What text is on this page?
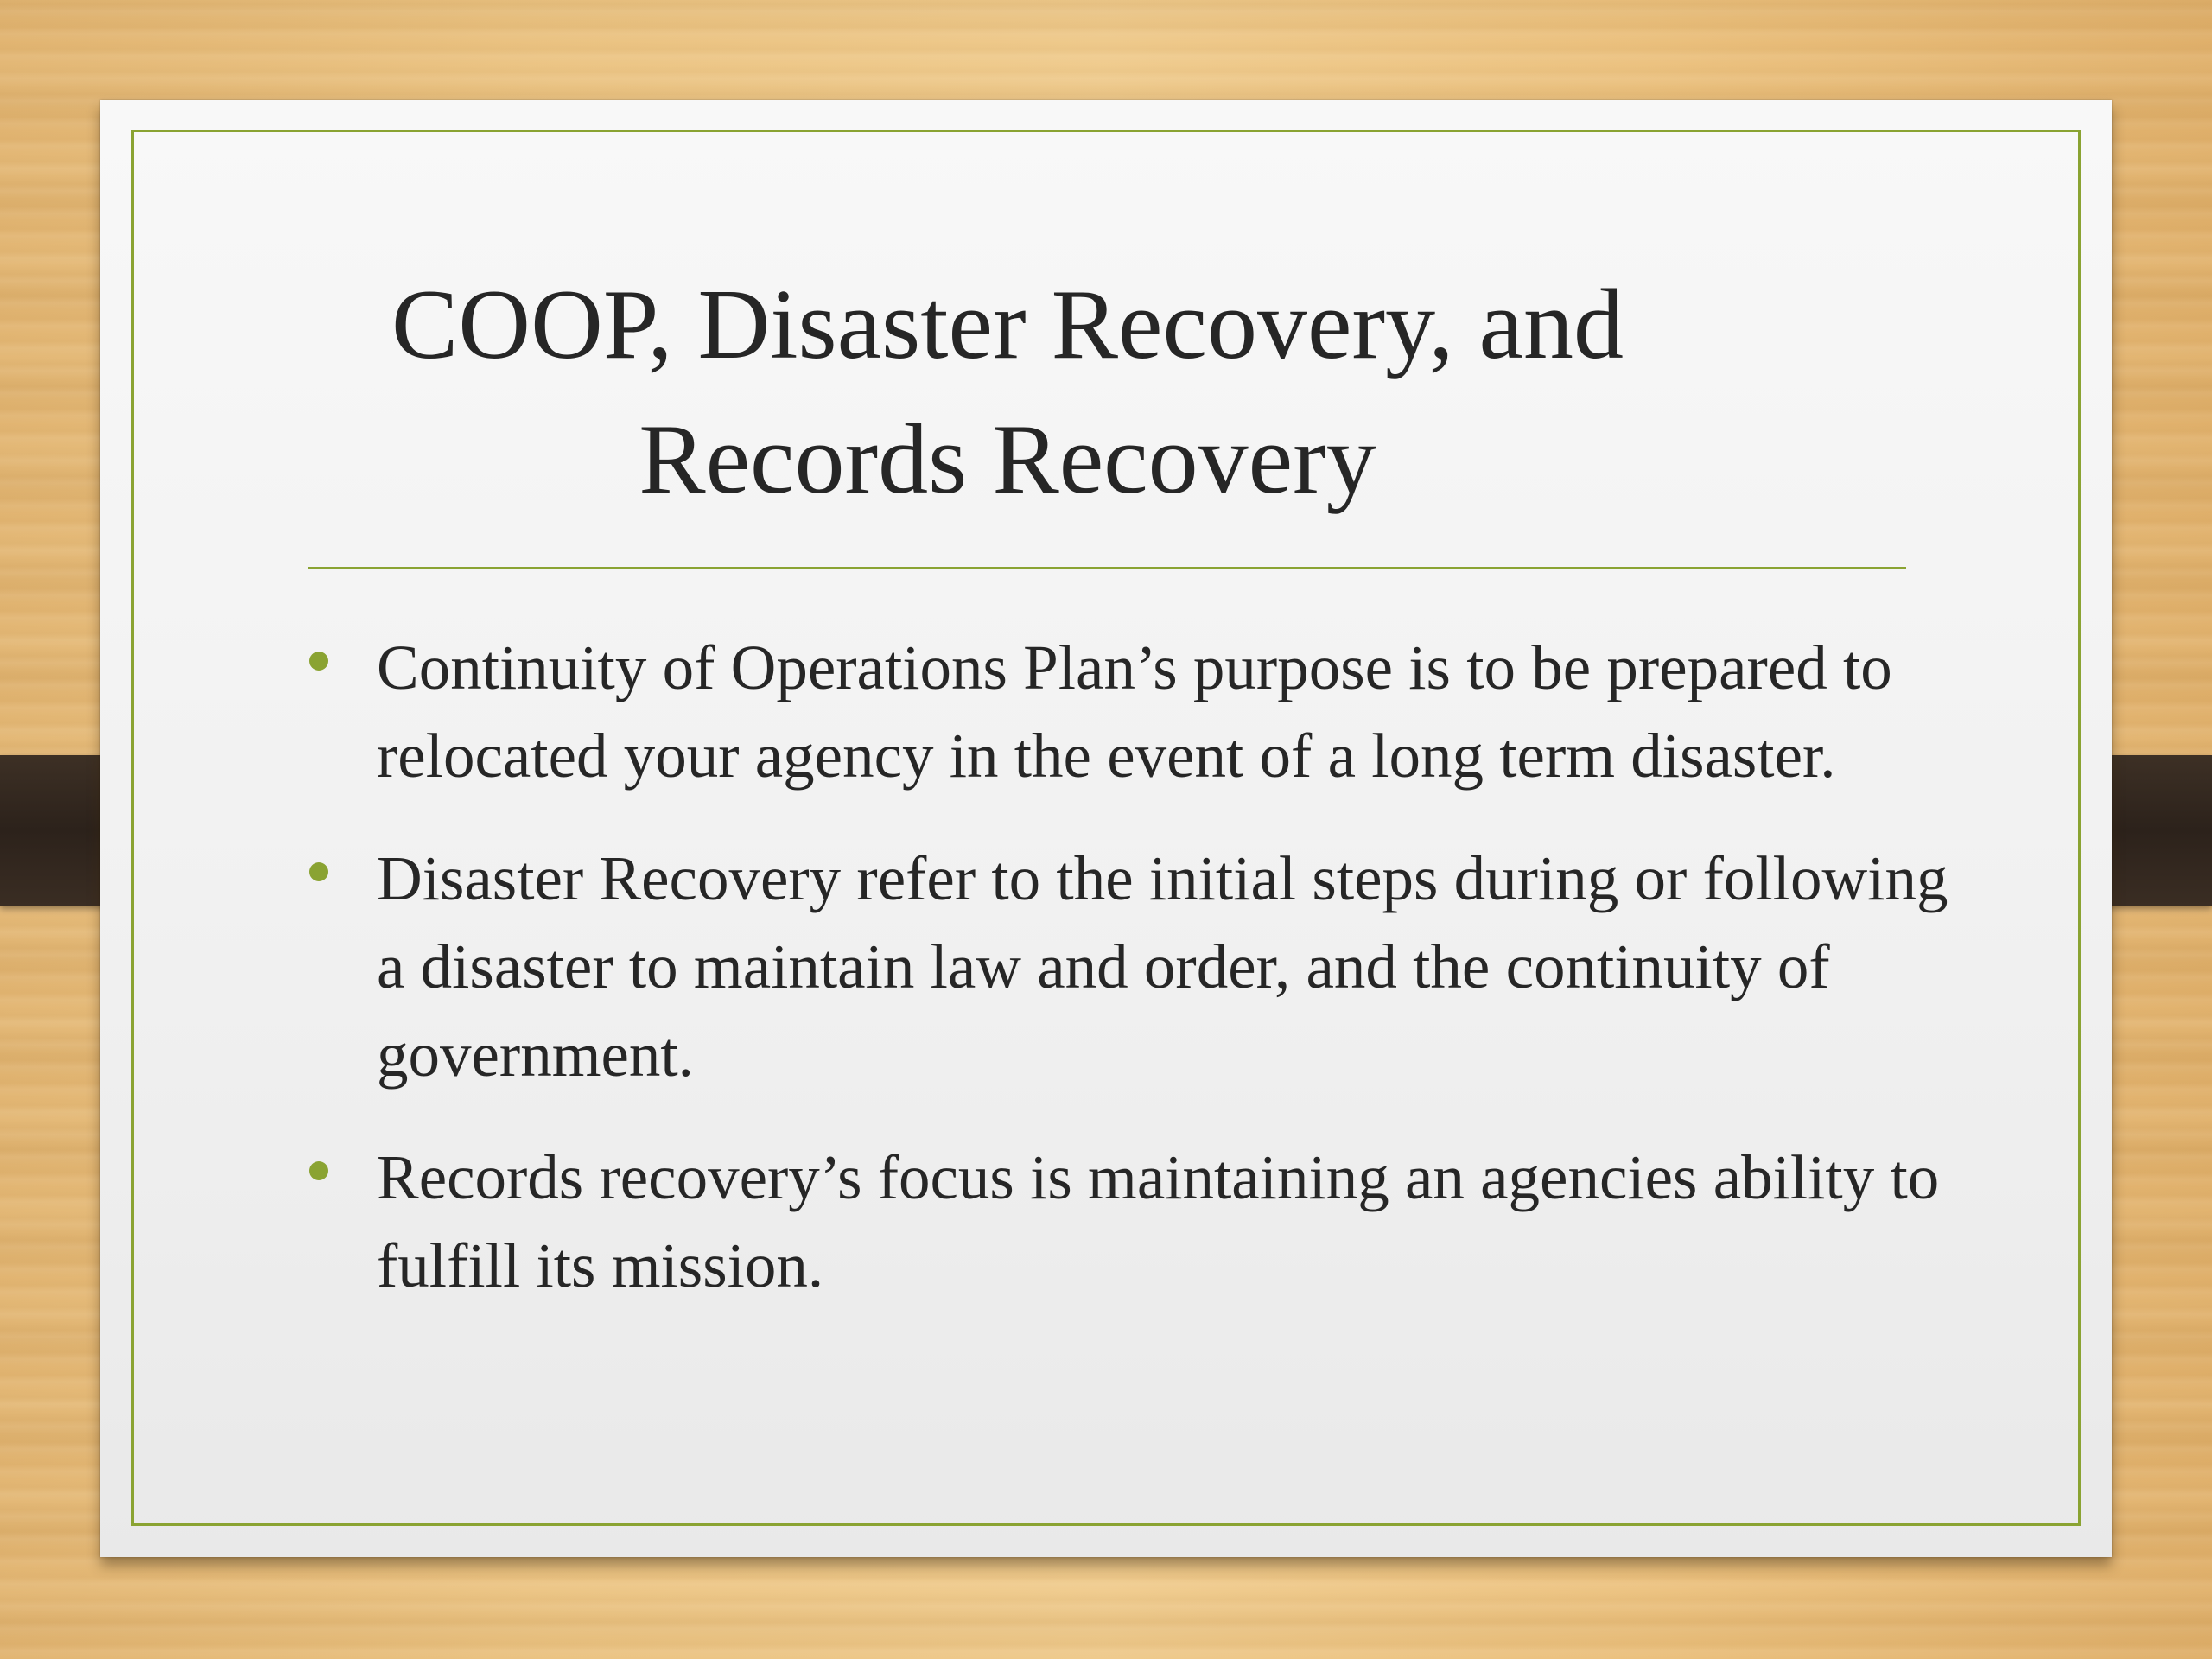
COOP, Disaster Recovery, and
Records Recovery
Continuity of Operations Plan’s purpose is to be prepared to relocated your agency in the event of a long term disaster.
Disaster Recovery refer to the initial steps during or following a disaster to maintain law and order, and the continuity of government.
Records recovery’s focus is maintaining an agencies ability to fulfill its mission.
